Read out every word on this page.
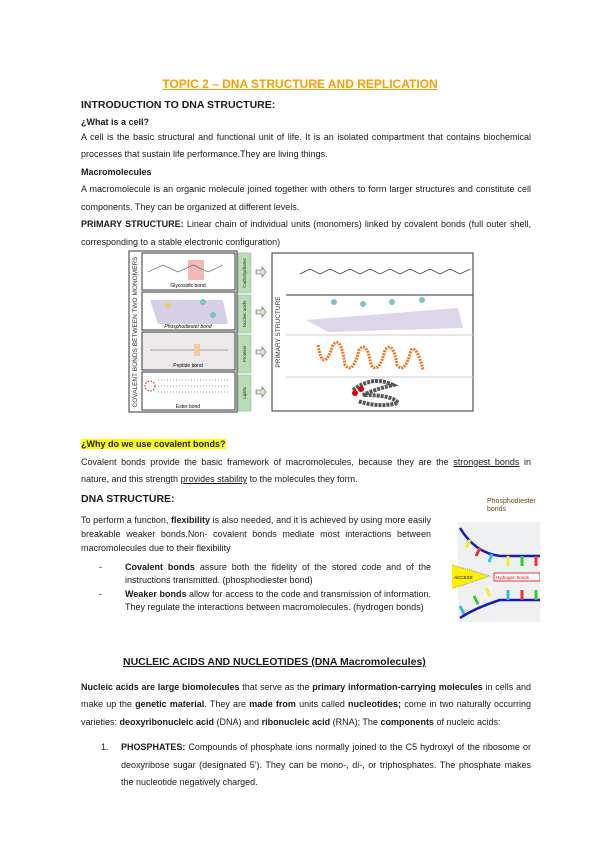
TOPIC 2 – DNA STRUCTURE AND REPLICATION
INTRODUCTION TO DNA STRUCTURE:
¿What is a cell?
A cell is the basic structural and functional unit of life. It is an isolated compartment that contains biochemical processes that sustain life performance.They are living things.
Macromolecules
A macromolecule is an organic molecule joined together with others to form larger structures and constitute cell components. They can be organized at different levels.
PRIMARY STRUCTURE: Linear chain of individual units (monomers) linked by covalent bonds (full outer shell, corresponding to a stable electronic configuration)
COVALENT BONDS BETWEEN TWO MONOMERS	Glycosidic bond
Phosphodiester bond
Peptide bond
Ester bond
Carbohydrates
Nucleic acids
Proteins
Lipids
PRIMARY STRUCTURE
¿Why do we use covalent bonds?
Covalent bonds provide the basic framework of macromolecules, because they are the strongest bonds in nature, and this strength provides stability to the molecules they form.
DNA STRUCTURE:
To perform a function, flexibility is also needed, and it is achieved by using more easily breakable weaker bonds.Non- covalent bonds mediate most interactions between macromolecules due to their flexibility
-	Covalent bonds assure both the fidelity of the stored code and of the instructions transmitted. (phosphodiester bond)
-	Weaker bonds allow for access to the code and transmission of information. They regulate the interactions between macromolecules. (hydrogen bonds)
ACCESS	Hydrogen bonds
Phosphodiester bonds
NUCLEIC ACIDS AND NUCLEOTIDES (DNA Macromolecules)
Nucleic acids are large biomolecules that serve as the primary information-carrying molecules in cells and make up the genetic material. They are made from units called nucleotides; come in two naturally occurring varieties: deoxyribonucleic acid (DNA) and ribonucleic acid (RNA); The components of nucleic acids:
1. PHOSPHATES: Compounds of phosphate ions normally joined to the C5 hydroxyl of the ribosome or deoxyribose sugar (designated 5'). They can be mono-, di-, or triphosphates. The phosphate makes the nucleotide negatively charged.
